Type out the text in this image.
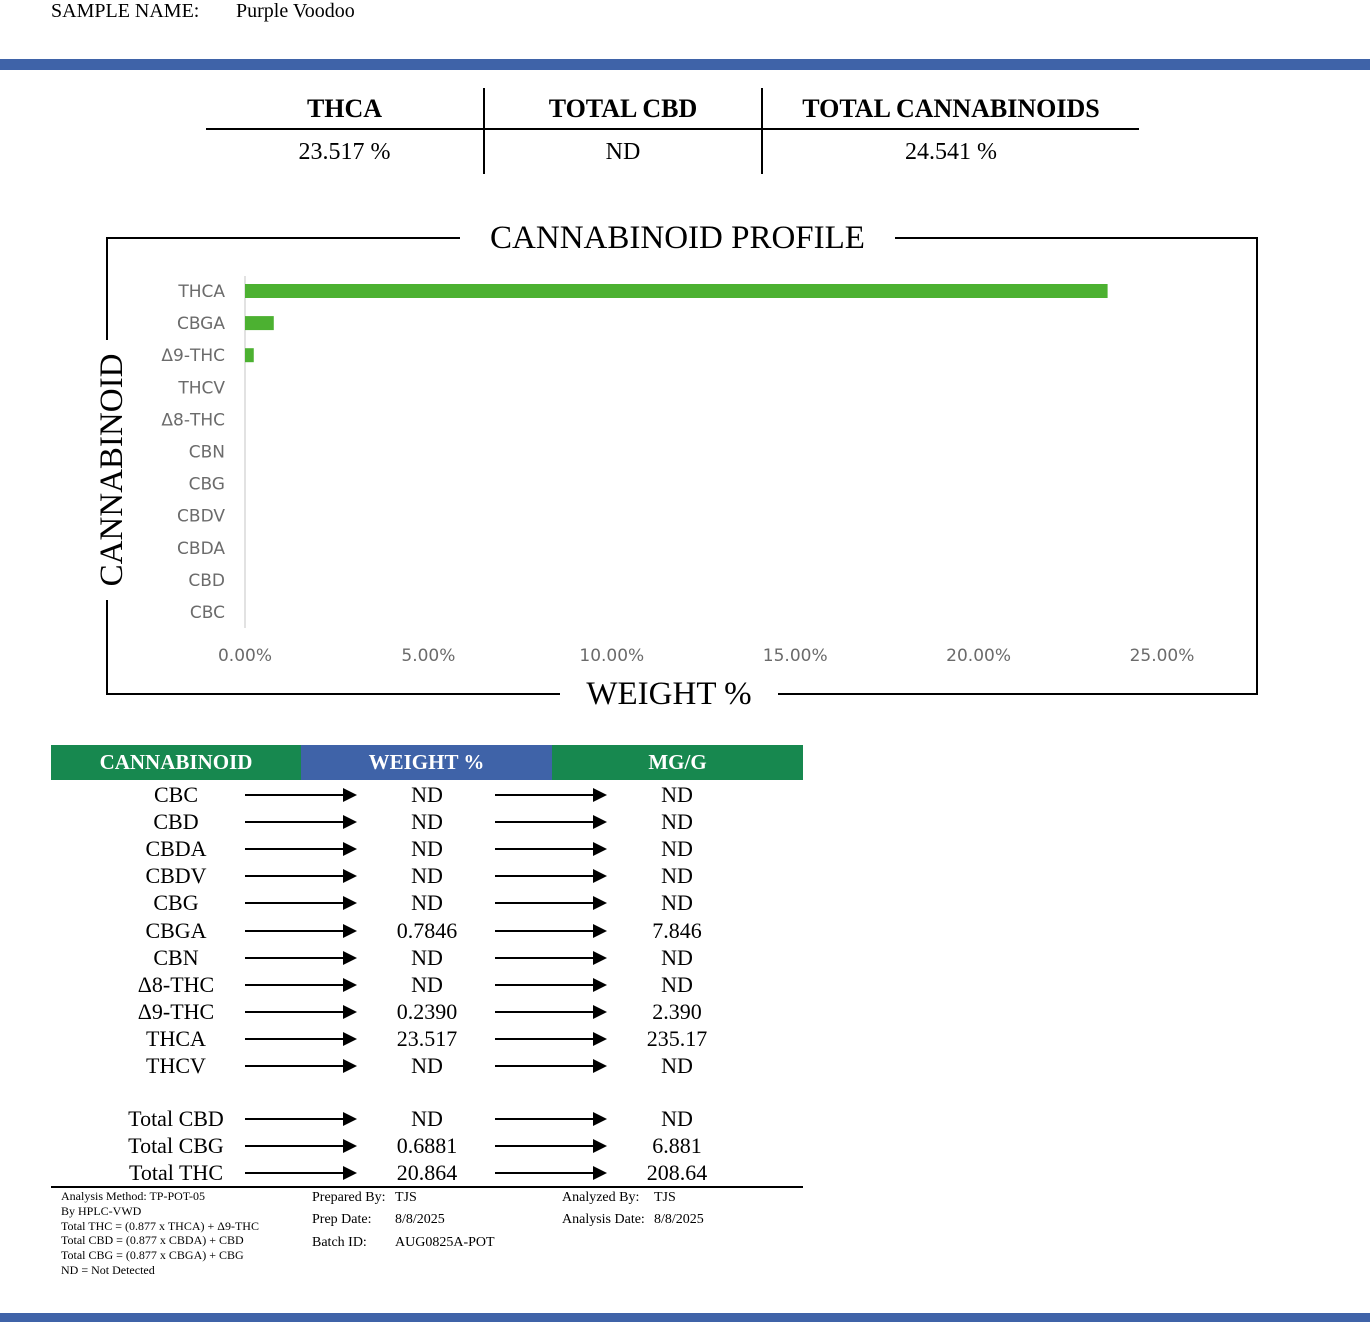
SAMPLE NAME: Purple Voodoo
THCA	TOTAL CBD	TOTAL CANNABINOIDS
23.517 %	ND	24.541 %
THCA
CBGA
Δ9-THC
THCV
Δ8-THC
CBN
CBG
CBDV
CBDA
CBD
CBC
0.00%	5.00%	10.00%	15.00%	20.00%	25.00%
CANNABINOID PROFILE
WEIGHT %
CANNABINOID
CANNABINOID	WEIGHT %	MG/G
CBC	ND	ND
CBD	ND	ND
CBDA	ND	ND
CBDV	ND	ND
CBG	ND	ND
CBGA	0.7846	7.846
CBN	ND	ND
Δ8-THC	ND	ND
Δ9-THC	0.2390	2.390
THCA	23.517	235.17
THCV	ND	ND
Total CBD	ND	ND
Total CBG	0.6881	6.881
Total THC	20.864	208.64
Analysis Method: TP-POT-05
By HPLC-VWD
Total THC = (0.877 x THCA) + Δ9-THC
Total CBD = (0.877 x CBDA) + CBD
Total CBG = (0.877 x CBGA) + CBG
ND = Not Detected
Prepared By: TJS
Prep Date: 8/8/2025
Batch ID: AUG0825A-POT
Analyzed By: TJS
Analysis Date: 8/8/2025
